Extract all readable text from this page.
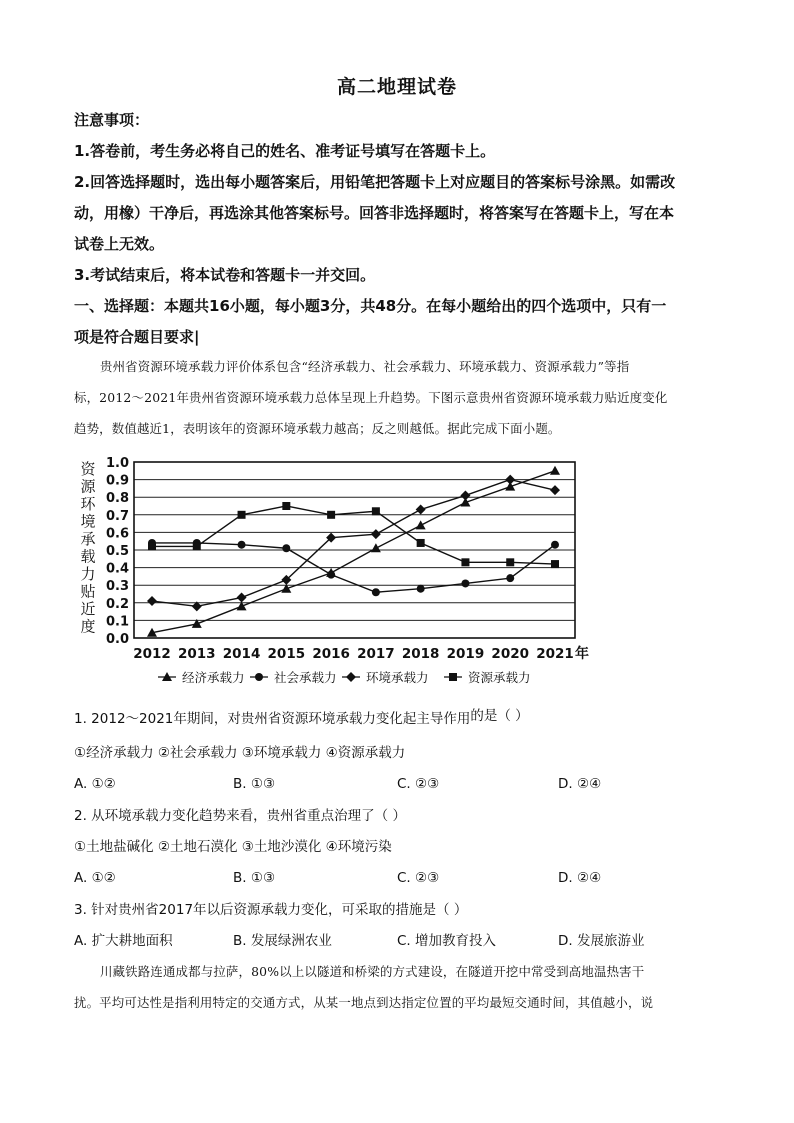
高二地理试卷
注意事项：
1.答卷前，考生务必将自己的姓名、准考证号填写在答题卡上。
2.回答选择题时，选出每小题答案后，用铅笔把答题卡上对应题目的答案标号涂黑。如需改
动，用橡）干净后，再选涂其他答案标号。回答非选择题时，将答案写在答题卡上，写在本
试卷上无效。
3.考试结束后，将本试卷和答题卡一并交回。
一、选择题：本题共16小题，每小题3分，共48分。在每小题给出的四个选项中，只有一
项是符合题目要求|
贵州省资源环境承载力评价体系包含“经济承载力、社会承载力、环境承载力、资源承载力”等指
标，2012～2021年贵州省资源环境承载力总体呈现上升趋势。下图示意贵州省资源环境承载力贴近度变化
趋势，数值越近1，表明该年的资源环境承载力越高；反之则越低。据此完成下面小题。
资
源
环
境
承
载
力
贴
近
度
0.0
0.1
0.2
0.3
0.4
0.5
0.6
0.7
0.8
0.9
1.0
2012 2013 2014 2015 2016 2017 2018 2019 2020 2021 年
经济承载力 社会承载力 环境承载力	资源承载力
1. 2012～2021年期间，对贵州省资源环境承载力变化起主导作用的是（ ）
①经济承载力 ②社会承载力 ③环境承载力 ④资源承载力
A. ①②	B. ①③	C. ②③	D. ②④
2. 从环境承载力变化趋势来看，贵州省重点治理了（ ）
①土地盐碱化 ②土地石漠化 ③土地沙漠化 ④环境污染
A. ①②	B. ①③	C. ②③	D. ②④
3. 针对贵州省2017年以后资源承载力变化，可采取的措施是（ ）
A. 扩大耕地面积	B. 发展绿洲农业	C. 增加教育投入	D. 发展旅游业
川藏铁路连通成都与拉萨，80%以上以隧道和桥梁的方式建设，在隧道开挖中常受到高地温热害干
扰。平均可达性是指利用特定的交通方式，从某一地点到达指定位置的平均最短交通时间，其值越小，说
